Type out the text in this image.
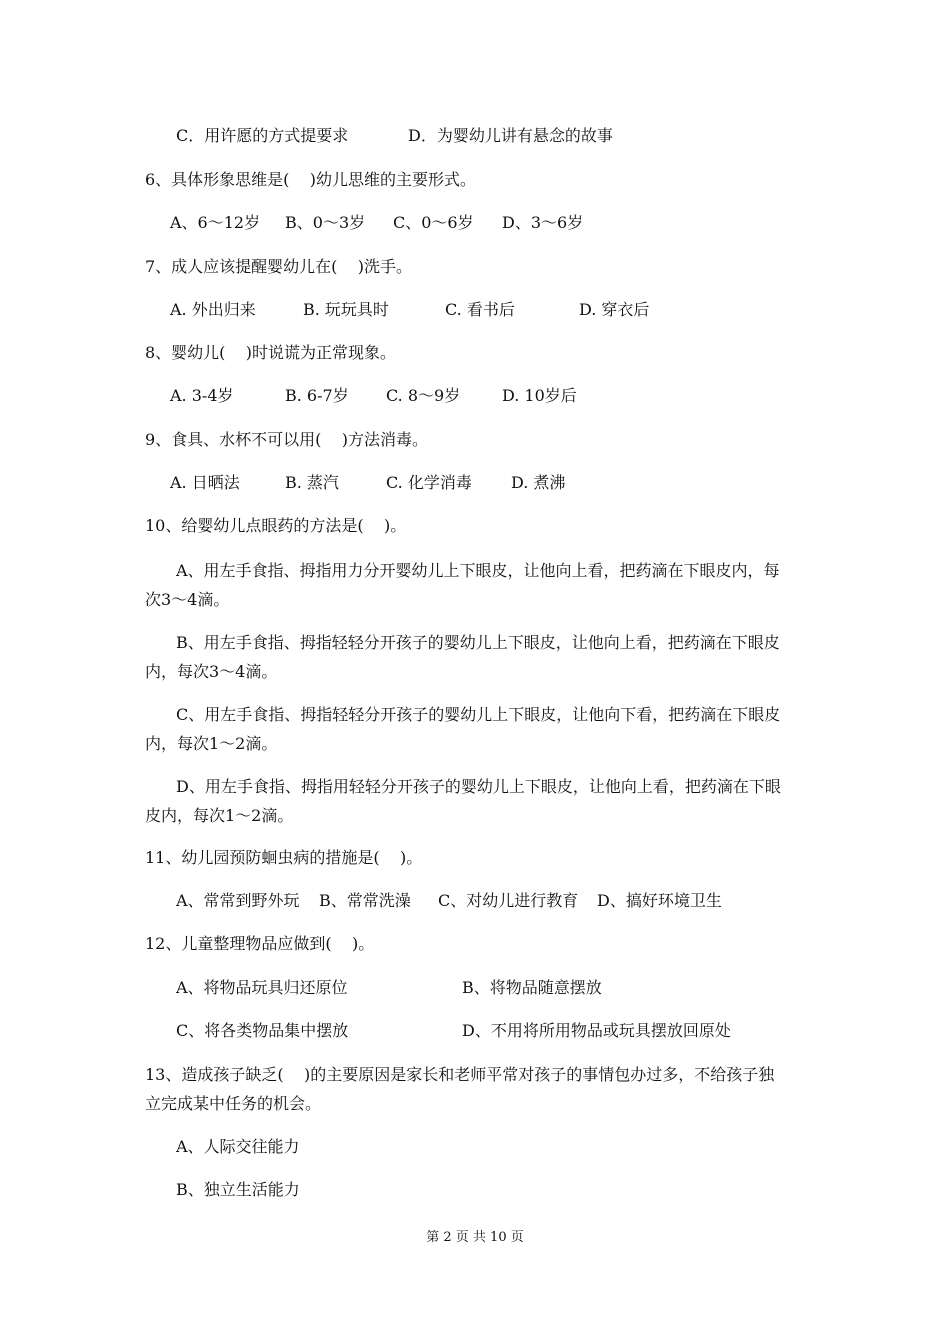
C．用许愿的方式提要求	D．为婴幼儿讲有悬念的故事
6、具体形象思维是(    )幼儿思维的主要形式。
A、6～12岁 B、0～3岁 C、0～6岁 D、3～6岁
7、成人应该提醒婴幼儿在(    )洗手。
A. 外出归来	B. 玩玩具时	C. 看书后	D. 穿衣后
8、婴幼儿(    )时说谎为正常现象。
A. 3-4岁	B. 6-7岁 C. 8～9岁	D. 10岁后
9、食具、水杯不可以用(    )方法消毒。
A. 日晒法	B. 蒸汽	C. 化学消毒 D. 煮沸
10、给婴幼儿点眼药的方法是(    )。
A、用左手食指、拇指用力分开婴幼儿上下眼皮，让他向上看，把药滴在下眼皮内，每
次3～4滴。
B、用左手食指、拇指轻轻分开孩子的婴幼儿上下眼皮，让他向上看，把药滴在下眼皮
内，每次3～4滴。
C、用左手食指、拇指轻轻分开孩子的婴幼儿上下眼皮，让他向下看，把药滴在下眼皮
内，每次1～2滴。
D、用左手食指、拇指用轻轻分开孩子的婴幼儿上下眼皮，让他向上看，把药滴在下眼
皮内，每次1～2滴。
11、幼儿园预防蛔虫病的措施是(    )。
A、常常到野外玩 B、常常洗澡 C、对幼儿进行教育 D、搞好环境卫生
12、儿童整理物品应做到(    )。
A、将物品玩具归还原位	B、将物品随意摆放
C、将各类物品集中摆放	D、不用将所用物品或玩具摆放回原处
13、造成孩子缺乏(    )的主要原因是家长和老师平常对孩子的事情包办过多，不给孩子独
立完成某中任务的机会。
A、人际交往能力
B、独立生活能力
第 2 页 共 10 页
